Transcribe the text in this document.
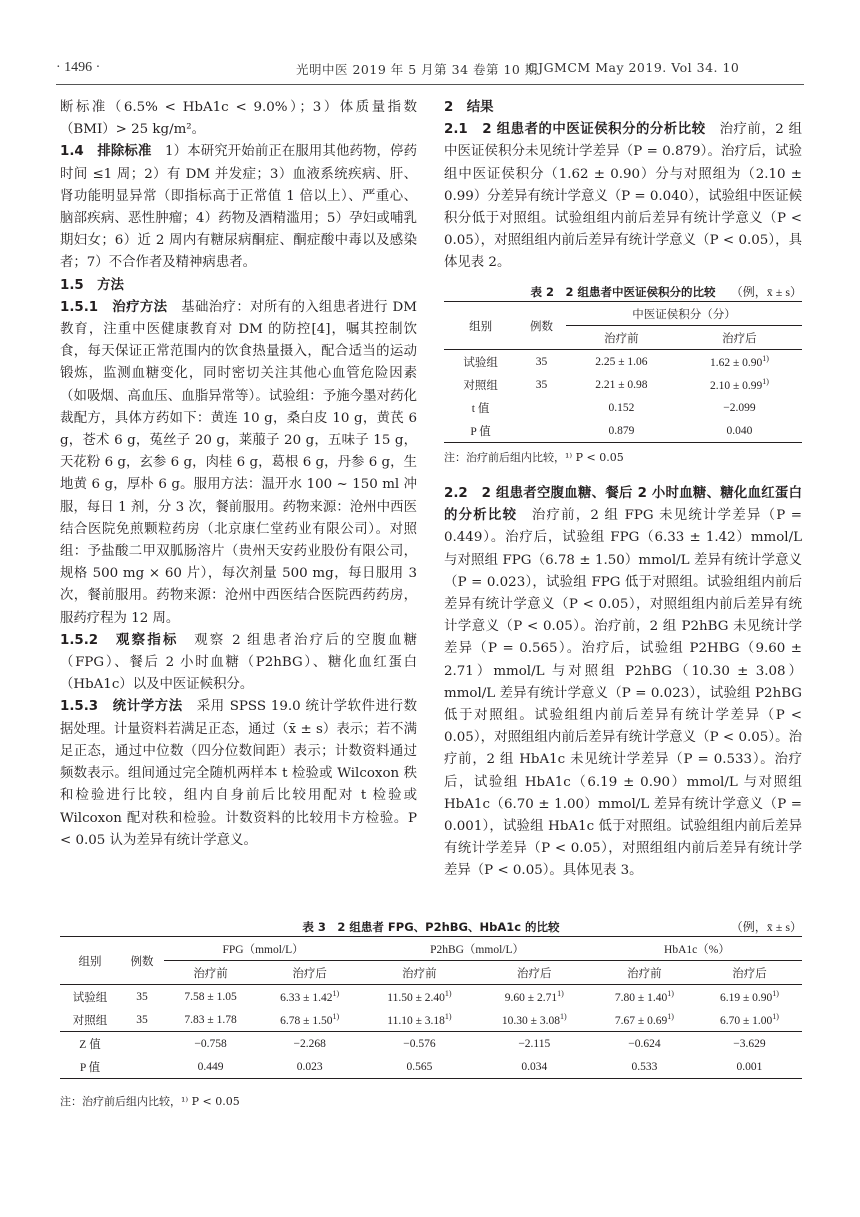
· 1496 ·	光明中医 2019 年 5 月第 34 卷第 10 期
CJGMCM May 2019. Vol 34. 10

断标准（6.5% < HbA1c < 9.0%）；3）体质量指数（BMI）> 25 kg/m²。

1.4　排除标准　1）本研究开始前正在服用其他药物，停药时间 ≤1 周；2）有 DM 并发症；3）血液系统疾病、肝、肾功能明显异常（即指标高于正常值 1 倍以上）、严重心、脑部疾病、恶性肿瘤；4）药物及酒精滥用；5）孕妇或哺乳期妇女；6）近 2 周内有糖尿病酮症、酮症酸中毒以及感染者；7）不合作者及精神病患者。

1.5　方法

1.5.1　治疗方法　基础治疗：对所有的入组患者进行 DM 教育，注重中医健康教育对 DM 的防控[4]，嘱其控制饮食，每天保证正常范围内的饮食热量摄入，配合适当的运动锻炼，监测血糖变化，同时密切关注其他心血管危险因素（如吸烟、高血压、血脂异常等）。试验组：予施今墨对药化裁配方，具体方药如下：黄连 10 g，桑白皮 10 g，黄芪 6 g，苍术 6 g，菟丝子 20 g，莱菔子 20 g，五味子 15 g，天花粉 6 g，玄参 6 g，肉桂 6 g，葛根 6 g，丹参 6 g，生地黄 6 g，厚朴 6 g。服用方法：温开水 100 ~ 150 ml 冲服，每日 1 剂，分 3 次，餐前服用。药物来源：沧州中西医结合医院免煎颗粒药房（北京康仁堂药业有限公司）。对照组：予盐酸二甲双胍肠溶片（贵州天安药业股份有限公司，规格 500 mg × 60 片），每次剂量 500 mg，每日服用 3 次，餐前服用。药物来源：沧州中西医结合医院西药药房，服药疗程为 12 周。

1.5.2　观察指标　观察 2 组患者治疗后的空腹血糖（FPG）、餐后 2 小时血糖（P2hBG）、糖化血红蛋白（HbA1c）以及中医证候积分。

1.5.3　统计学方法　采用 SPSS 19.0 统计学软件进行数据处理。计量资料若满足正态，通过（x̄ ± s）表示；若不满足正态，通过中位数（四分位数间距）表示；计数资料通过频数表示。组间通过完全随机两样本 t 检验或 Wilcoxon 秩和检验进行比较，组内自身前后比较用配对 t 检验或 Wilcoxon 配对秩和检验。计数资料的比较用卡方检验。P < 0.05 认为差异有统计学意义。

2　结果

2.1　2 组患者的中医证侯积分的分析比较　治疗前，2 组中医证侯积分未见统计学差异（P = 0.879）。治疗后，试验组中医证侯积分（1.62 ± 0.90）分与对照组为（2.10 ± 0.99）分差异有统计学意义（P = 0.040），试验组中医证候积分低于对照组。试验组组内前后差异有统计学意义（P < 0.05），对照组组内前后差异有统计学意义（P < 0.05），具体见表 2。

表 2　2 组患者中医证侯积分的比较 （例，x̄ ± s）
组别	例数	中医证侯积分（分）	
		治疗前	治疗后
试验组	35	2.25 ± 1.06	$1.62 \pm 0.90^{1)}$
对照组	35	2.21 ± 0.98	$2.10 \pm 0.99^{1)}$
t 值		0.152	−2.099
P 值		0.879	0.040
注：治疗前后组内比较，¹⁾ P < 0.05

2.2　2 组患者空腹血糖、餐后 2 小时血糖、糖化血红蛋白的分析比较　治疗前，2 组 FPG 未见统计学差异（P = 0.449）。治疗后，试验组 FPG（6.33 ± 1.42）mmol/L 与对照组 FPG（6.78 ± 1.50）mmol/L 差异有统计学意义（P = 0.023），试验组 FPG 低于对照组。试验组组内前后差异有统计学意义（P < 0.05），对照组组内前后差异有统计学意义（P < 0.05）。治疗前，2 组 P2hBG 未见统计学差异（P = 0.565）。治疗后，试验组 P2HBG（9.60 ± 2.71）mmol/L 与对照组 P2hBG（10.30 ± 3.08）mmol/L 差异有统计学意义（P = 0.023），试验组 P2hBG 低于对照组。试验组组内前后差异有统计学差异（P < 0.05），对照组组内前后差异有统计学意义（P < 0.05）。治疗前，2 组 HbA1c 未见统计学差异（P = 0.533）。治疗后，试验组 HbA1c（6.19 ± 0.90）mmol/L 与对照组 HbA1c（6.70 ± 1.00）mmol/L 差异有统计学意义（P = 0.001），试验组 HbA1c 低于对照组。试验组组内前后差异有统计学差异（P < 0.05），对照组组内前后差异有统计学差异（P < 0.05）。具体见表 3。

表 3　2 组患者 FPG、P2hBG、HbA1c 的比较	（例，x̄ ± s）
组别	例数	FPG（mmol/L）		P2hBG（mmol/L）		HbA1c（%）	
		治疗前	治疗后	治疗前	治疗后	治疗前	治疗后
试验组	35	7.58 ± 1.05	$6.33 \pm 1.42^{1)}$	$11.50 \pm 2.40^{1)}$	$9.60 \pm 2.71^{1)}$	$7.80 \pm 1.40^{1)}$	$6.19 \pm 0.90^{1)}$
对照组	35	7.83 ± 1.78	$6.78 \pm 1.50^{1)}$	$11.10 \pm 3.18^{1)}$	$10.30 \pm 3.08^{1)}$	$7.67 \pm 0.69^{1)}$	$6.70 \pm 1.00^{1)}$
Z 值		−0.758	−2.268	−0.576	−2.115	−0.624	−3.629
P 值		0.449	0.023	0.565	0.034	0.533	0.001
注：治疗前后组内比较，¹⁾ P < 0.05
